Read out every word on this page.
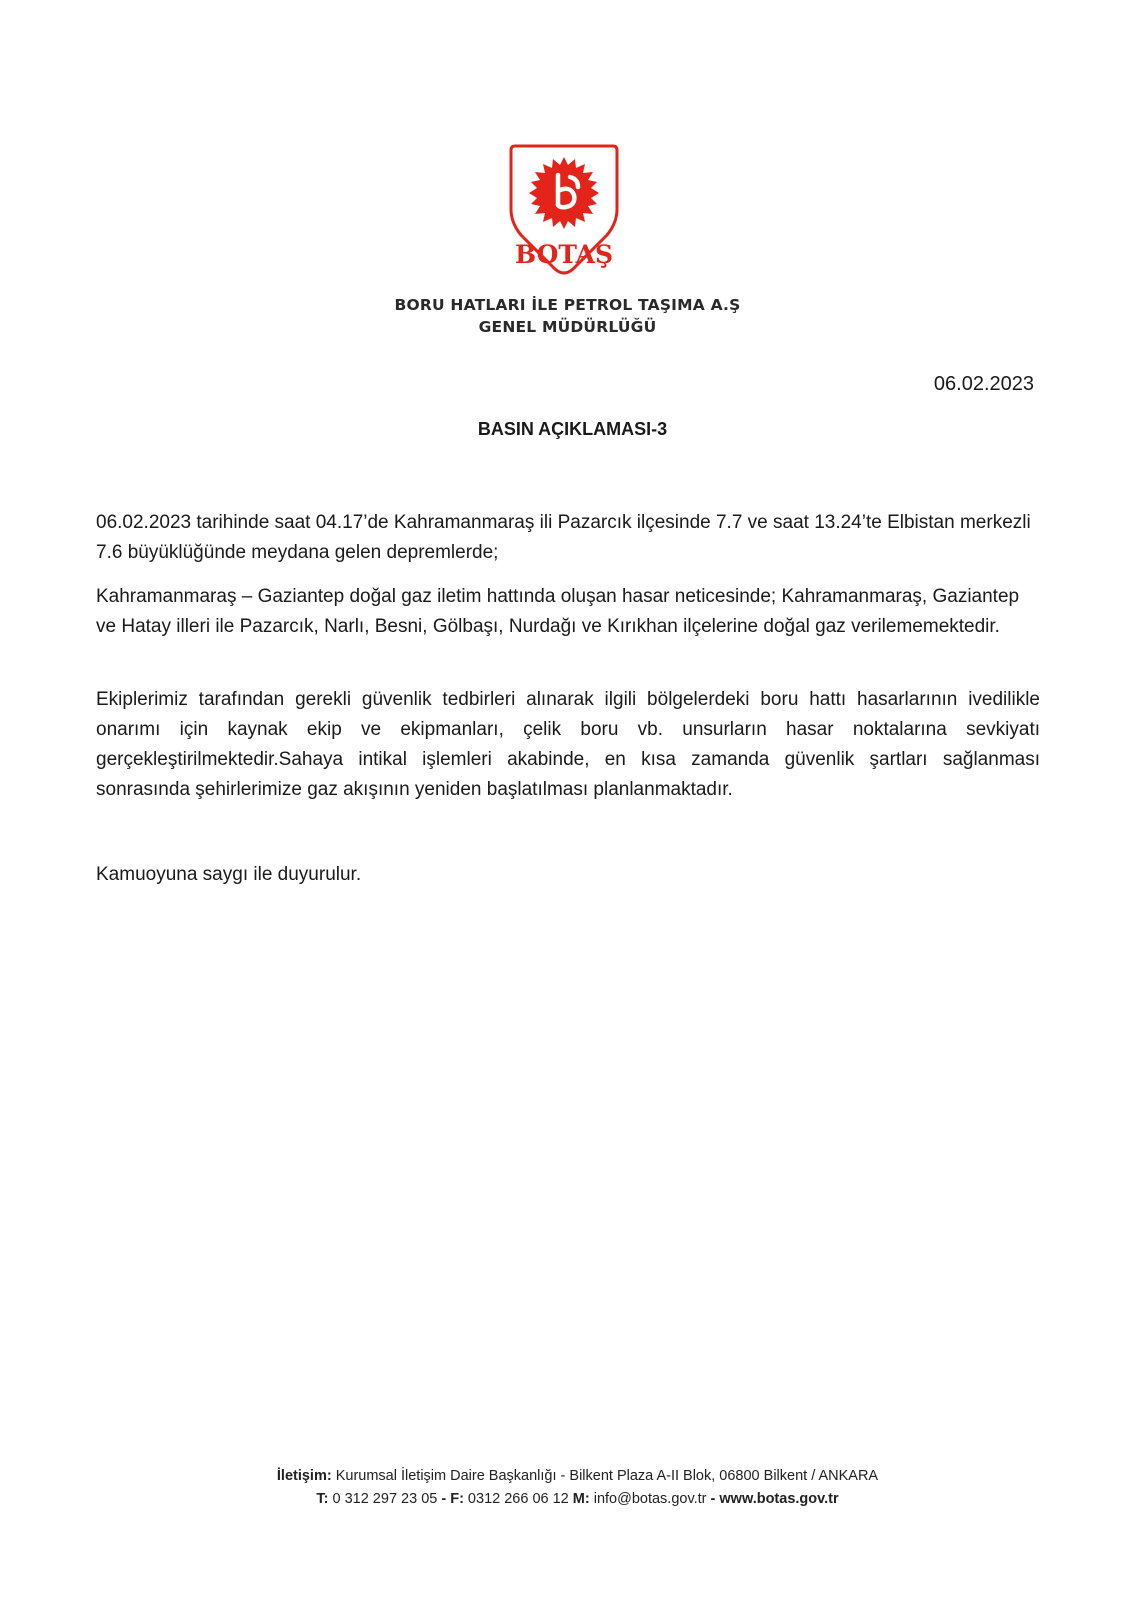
BOTAŞ
BORU HATLARI İLE PETROL TAŞIMA A.Ş
GENEL MÜDÜRLÜĞÜ
06.02.2023
BASIN AÇIKLAMASI-3

06.02.2023 tarihinde saat 04.17’de Kahramanmaraş ili Pazarcık ilçesinde 7.7 ve saat 13.24’te Elbistan merkezli 7.6 büyüklüğünde meydana gelen depremlerde;

Kahramanmaraş – Gaziantep doğal gaz iletim hattında oluşan hasar neticesinde; Kahramanmaraş, Gaziantep ve Hatay illeri ile Pazarcık, Narlı, Besni, Gölbaşı, Nurdağı ve Kırıkhan ilçelerine doğal gaz verilememektedir.

Ekiplerimiz tarafından gerekli güvenlik tedbirleri alınarak ilgili bölgelerdeki boru hattı hasarlarının ivedilikle onarımı için kaynak ekip ve ekipmanları, çelik boru vb. unsurların hasar noktalarına sevkiyatı gerçekleştirilmektedir.Sahaya intikal işlemleri akabinde, en kısa zamanda güvenlik şartları sağlanması sonrasında şehirlerimize gaz akışının yeniden başlatılması planlanmaktadır.

Kamuoyuna saygı ile duyurulur.

İletişim: Kurumsal İletişim Daire Başkanlığı - Bilkent Plaza A-II Blok, 06800 Bilkent / ANKARA
T: 0 312 297 23 05 - F: 0312 266 06 12 M: info@botas.gov.tr - www.botas.gov.tr
